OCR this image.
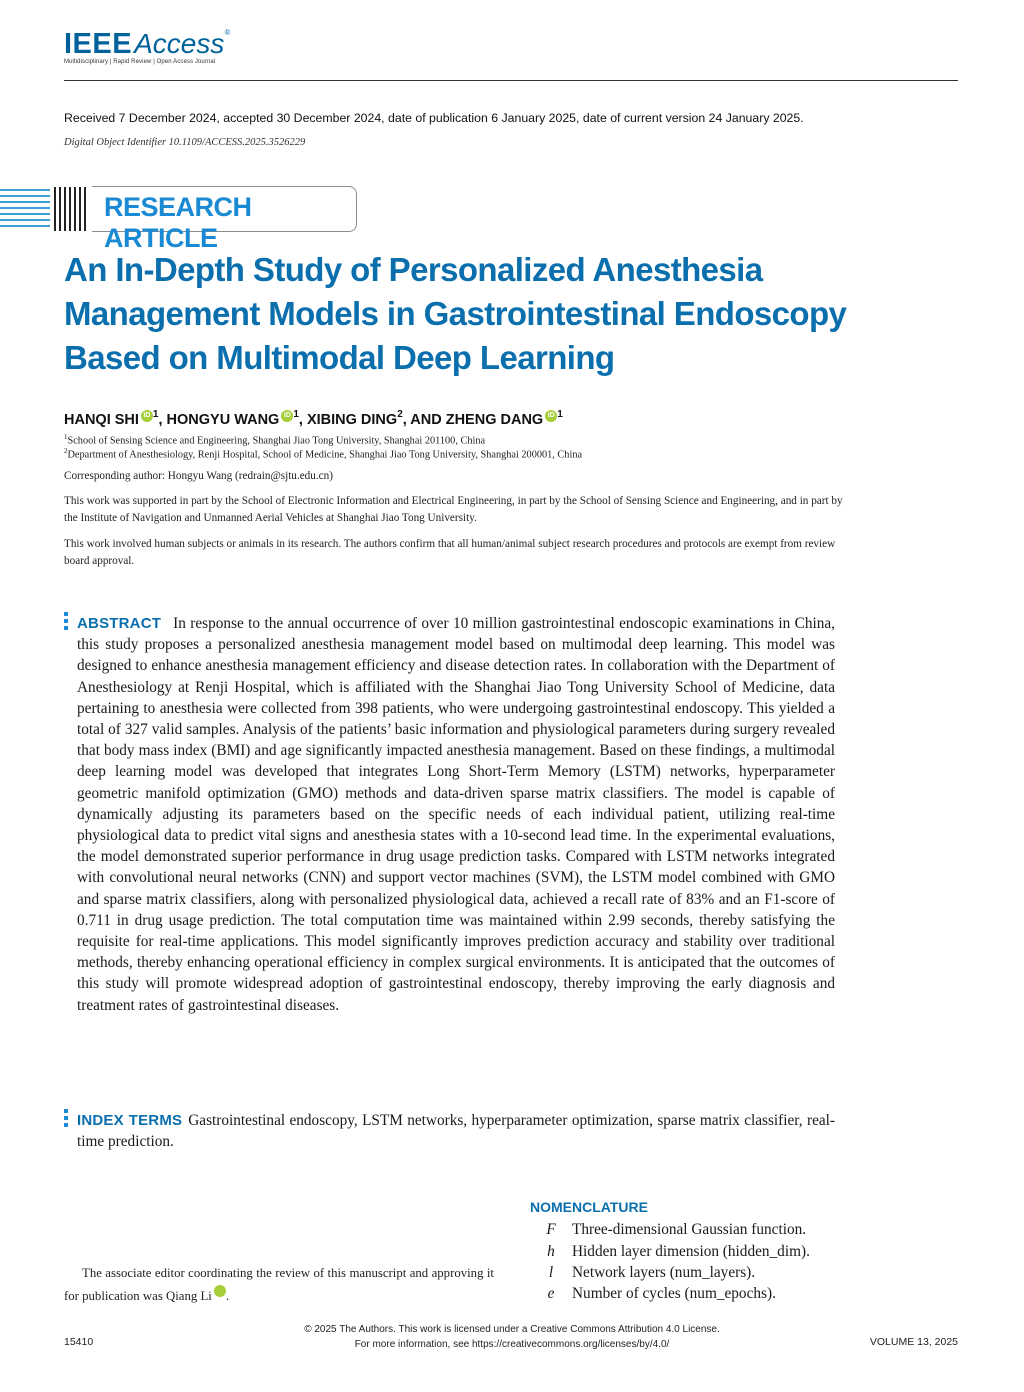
IEEEAccess®
Multidisciplinary | Rapid Review | Open Access Journal
Received 7 December 2024, accepted 30 December 2024, date of publication 6 January 2025, date of current version 24 January 2025.
Digital Object Identifier 10.1109/ACCESS.2025.3526229
RESEARCH ARTICLE
An In-Depth Study of Personalized Anesthesia Management Models in Gastrointestinal Endoscopy Based on Multimodal Deep Learning
HANQI SHI iD 1, HONGYU WANG iD 1, XIBING DING2, AND ZHENG DANG iD 1
$^1$School of Sensing Science and Engineering, Shanghai Jiao Tong University, Shanghai 201100, China
$^2$Department of Anesthesiology, Renji Hospital, School of Medicine, Shanghai Jiao Tong University, Shanghai 200001, China
Corresponding author: Hongyu Wang (redrain@sjtu.edu.cn)
This work was supported in part by the School of Electronic Information and Electrical Engineering, in part by the School of Sensing Science and Engineering, and in part by the Institute of Navigation and Unmanned Aerial Vehicles at Shanghai Jiao Tong University.
This work involved human subjects or animals in its research. The authors confirm that all human/animal subject research procedures and protocols are exempt from review board approval.
ABSTRACT In response to the annual occurrence of over 10 million gastrointestinal endoscopic examinations in China, this study proposes a personalized anesthesia management model based on multimodal deep learning. This model was designed to enhance anesthesia management efficiency and disease detection rates. In collaboration with the Department of Anesthesiology at Renji Hospital, which is affiliated with the Shanghai Jiao Tong University School of Medicine, data pertaining to anesthesia were collected from 398 patients, who were undergoing gastrointestinal endoscopy. This yielded a total of 327 valid samples. Analysis of the patients’ basic information and physiological parameters during surgery revealed that body mass index (BMI) and age significantly impacted anesthesia management. Based on these findings, a multimodal deep learning model was developed that integrates Long Short-Term Memory (LSTM) networks, hyperparameter geometric manifold optimization (GMO) methods and data-driven sparse matrix classifiers. The model is capable of dynamically adjusting its parameters based on the specific needs of each individual patient, utilizing real-time physiological data to predict vital signs and anesthesia states with a 10-second lead time. In the experimental evaluations, the model demonstrated superior performance in drug usage prediction tasks. Compared with LSTM networks integrated with convolutional neural networks (CNN) and support vector machines (SVM), the LSTM model combined with GMO and sparse matrix classifiers, along with personalized physiological data, achieved a recall rate of 83% and an F1-score of 0.711 in drug usage prediction. The total computation time was maintained within 2.99 seconds, thereby satisfying the requisite for real-time applications. This model significantly improves prediction accuracy and stability over traditional methods, thereby enhancing operational efficiency in complex surgical environments. It is anticipated that the outcomes of this study will promote widespread adoption of gastrointestinal endoscopy, thereby improving the early diagnosis and treatment rates of gastrointestinal diseases.
INDEX TERMS Gastrointestinal endoscopy, LSTM networks, hyperparameter optimization, sparse matrix classifier, real-time prediction.
NOMENCLATURE
F Three-dimensional Gaussian function.
h Hidden layer dimension (hidden_dim).
l Network layers (num_layers).
e Number of cycles (num_epochs).
The associate editor coordinating the review of this manuscript and approving it for publication was Qiang Li	iD.
© 2025 The Authors. This work is licensed under a Creative Commons Attribution 4.0 License.
For more information, see https://creativecommons.org/licenses/by/4.0/
15410	VOLUME 13, 2025
